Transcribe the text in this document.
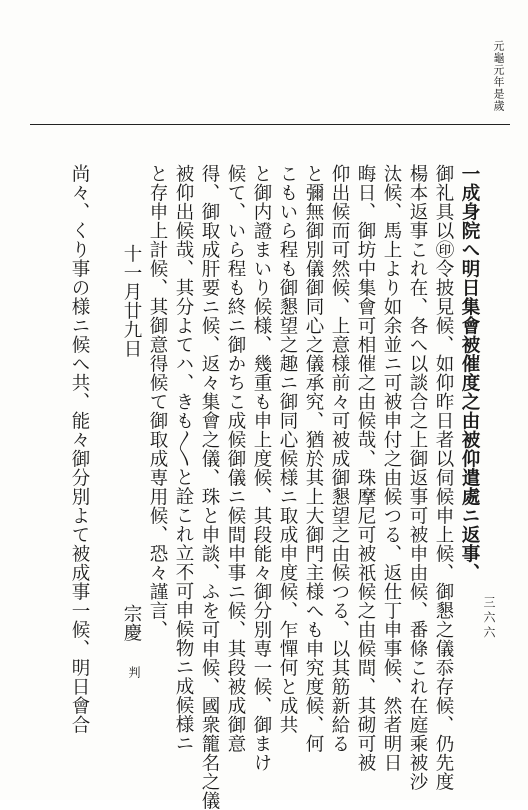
元龜元年是歲
三六六
一成身院へ明日集會被催度之由被仰遣處ニ返事、
御礼具以㊞令披見候、如仰昨日者以伺候申上候、御懇之儀忝存候、仍先度
楊本返事これ在、各へ以談合之上御返事可被申由候、番條これ在庭乘被沙
汰候、馬上より如余並ニ可被申付之由候つる、返仕丁申事候、然者明日
晦日、御坊中集會可相催之由候哉、珠摩尼可被祇候之由候間、其砌可被
仰出候而可然候、上意様前々可被成御懇望之由候つる、以其筋新給る
と彌無御別儀御同心之儀承究、猶於其上大御門主様へも申究度候、何
こもいら程も御懇望之趣ニ御同心候様ニ取成申度候、乍憚何と成共
と御内證まいり候様、幾重も申上度候、其段能々御分別専一候、御まけ
候て、いら程も終ニ御かちこ成候御儀ニ候間申事ニ候、其段被成御意
得、御取成肝要ニ候、返々集會之儀、珠と申談、ふを可申候、國衆籠名之儀
被仰出候哉、其分よてハ、きも〳〵と詮これ立不可申候物ニ成候様ニ
と存申上計候、其御意得候て御取成専用候、恐々謹言、
十一月廿九日
宗慶
判
尚々、くり事の様ニ候へ共、能々御分別よて被成事一候、明日會合
